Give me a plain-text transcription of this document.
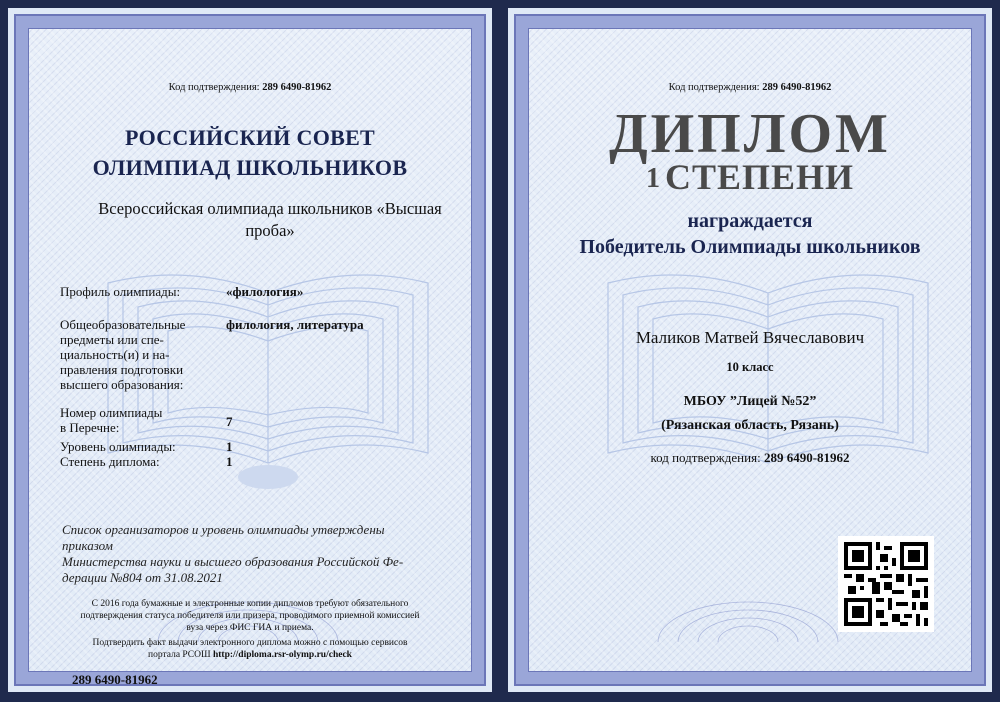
Код подтверждения: 289 6490-81962

РОССИЙСКИЙ СОВЕТ

ОЛИМПИАД ШКОЛЬНИКОВ

Всероссийская олимпиада школьников «Высшая

проба»

Профиль олимпиады:	«филология»

Общеобразовательные

предметы или спе-

циальность(и) и на-

правления подготовки

высшего образования:

филология, литература

Номер олимпиады

в Перечне:	7

Уровень олимпиады:	1

Степень диплома:	1

Список организаторов и уровень олимпиады утверждены

приказом

Министерства науки и высшего образования Российской Фе-

дерации №804 от 31.08.2021

С 2016 года бумажные и электронные копии дипломов требуют обязательного

подтверждения статуса победителя или призера, проводимого приемной комиссией

вуза через ФИС ГИА и приема.

Подтвердить факт выдачи электронного диплома можно с помощью сервисов

портала РСОШ http://diploma.rsr-olymp.ru/check

289 6490-81962

Код подтверждения: 289 6490-81962

ДИПЛОМ

1 СТЕПЕНИ

награждается

Победитель Олимпиады школьников

Маликов Матвей Вячеславович

10 класс

МБОУ ”Лицей №52”

(Рязанская область, Рязань)

код подтверждения: 289 6490-81962
